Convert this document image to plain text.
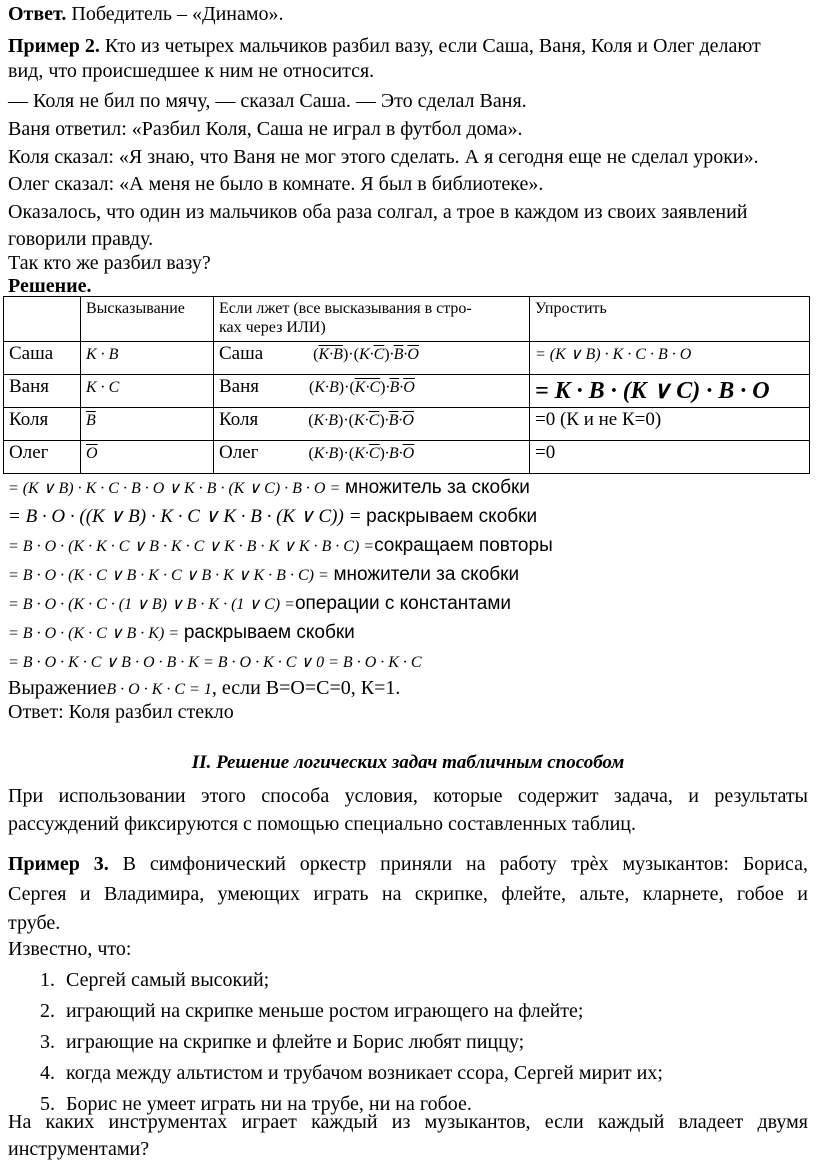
Ответ. Победитель – «Динамо».
Пример 2. Кто из четырех мальчиков разбил вазу, если Саша, Ваня, Коля и Олег делают
вид, что происшедшее к ним не относится.
— Коля не бил по мячу, — сказал Саша. — Это сделал Ваня.
Ваня ответил: «Разбил Коля, Саша не играл в футбол дома».
Коля сказал: «Я знаю, что Ваня не мог этого сделать. А я сегодня еще не сделал уроки».
Олег сказал: «А меня не было в комнате. Я был в библиотеке».
Оказалось, что один из мальчиков оба раза солгал, а трое в каждом из своих заявлений
говорили правду.
Так кто же разбил вазу?
Решение.
	Высказывание	Если лжет (все высказывания в стро-
ках через ИЛИ)	Упростить
Саша	K · B	Саша $(K\cdot B)\cdot(K\cdot\overline{C})\cdot\overline{B}\cdot\overline{O}$	= (K ∨ B) · K · C · B · O
Ваня	K · C	Ваня $(K\cdot B)\cdot(K\cdot C)\cdot\overline{B}\cdot\overline{O}$	= K · B · (K ∨ C) · B · O
Коля	$\overline{B}$	Коля $(K\cdot B)\cdot(K\cdot\overline{C})\cdot\overline{B}\cdot\overline{O}$	=0 (К и не К=0)
Олег	$\overline{O}$	Олег $(K\cdot B)\cdot(K\cdot\overline{C})\cdot B\cdot\overline{O}$	=0
= (K ∨ B) · K · C · B · O ∨ K · B · (K ∨ C) · B · O = множитель за скобки
= B · O · ((K ∨ B) · K · C ∨ K · B · (K ∨ C)) = раскрываем скобки
= B · O · (K · K · C ∨ B · K · C ∨ K · B · K ∨ K · B · C) =сокращаем повторы
= B · O · (K · C ∨ B · K · C ∨ B · K ∨ K · B · C) = множители за скобки
= B · O · (K · C · (1 ∨ B) ∨ B · K · (1 ∨ C) =операции с константами
= B · O · (K · C ∨ B · K) = раскрываем скобки
= B · O · K · C ∨ B · O · B · K = B · O · K · C ∨ 0 = B · O · K · C
ВыражениеB · O · K · C = 1, если В=О=С=0, К=1.
Ответ: Коля разбил стекло
II. Решение логических задач табличным способом
При использовании этого способа условия, которые содержит задача, и результаты
рассуждений фиксируются с помощью специально составленных таблиц.
Пример 3. В симфонический оркестр приняли на работу трѐх музыкантов: Бориса,
Сергея и Владимира, умеющих играть на скрипке, флейте, альте, кларнете, гобое и
трубе.
Известно, что:
1. Сергей самый высокий;
2. играющий на скрипке меньше ростом играющего на флейте;
3. играющие на скрипке и флейте и Борис любят пиццу;
4. когда между альтистом и трубачом возникает ссора, Сергей мирит их;
5. Борис не умеет играть ни на трубе, ни на гобое.
На каких инструментах играет каждый из музыкантов, если каждый владеет двумя
инструментами?
